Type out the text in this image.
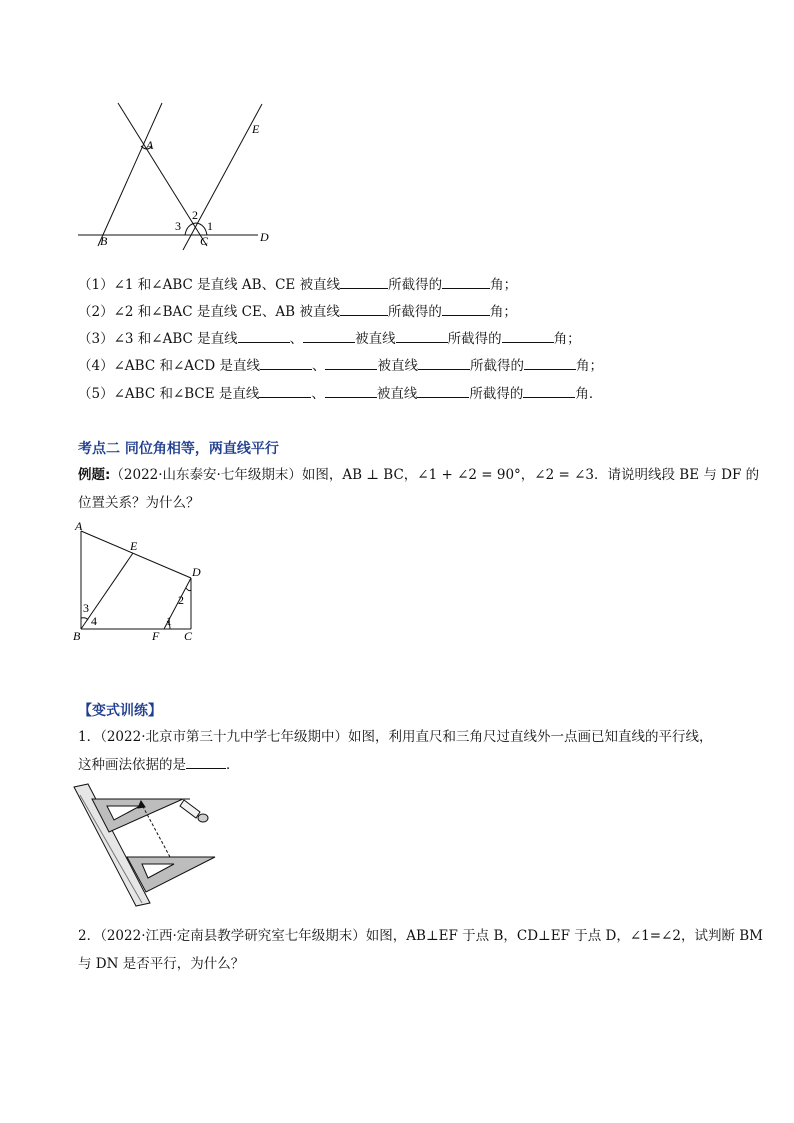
A
E
B	C	D
2
1
3
（1）∠1 和∠ABC 是直线 AB、CE 被直线	所截得的	角；
（2）∠2 和∠BAC 是直线 CE、AB 被直线	所截得的	角；
（3）∠3 和∠ABC 是直线	、	被直线	所截得的	角；
（4）∠ABC 和∠ACD 是直线	、	被直线	所截得的	角；
（5）∠ABC 和∠BCE 是直线	、	被直线	所截得的	角．
考点二 同位角相等，两直线平行
例题:（2022·山东泰安·七年级期末）如图，AB ⊥ BC，∠1 + ∠2 = 90°，∠2 = ∠3．请说明线段 BE 与 DF 的
位置关系？为什么？
A
E
D
B	F C
3
4
2
1
【变式训练】
1．（2022·北京市第三十九中学七年级期中）如图，利用直尺和三角尺过直线外一点画已知直线的平行线，
这种画法依据的是	．
2．（2022·江西·定南县教学研究室七年级期末）如图，AB⊥EF 于点 B，CD⊥EF 于点 D，∠1=∠2，试判断 BM
与 DN 是否平行，为什么？
